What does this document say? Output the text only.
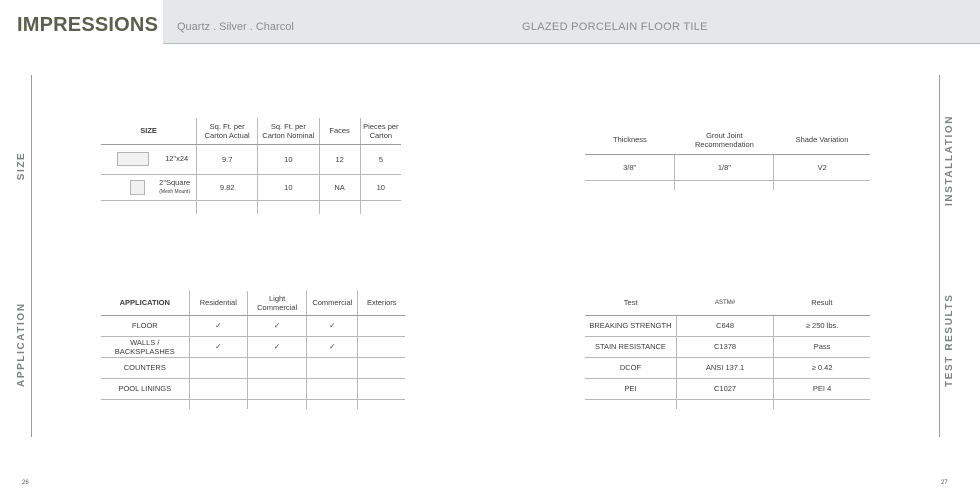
IMPRESSIONS Quartz . Silver . Charcol	GLAZED PORCELAIN FLOOR TILE
SIZE
APPLICATION
INSTALLATION
TEST RESULTS
SIZE	Sq. Ft. per Carton Actual	Sq. Ft. per Carton Nominal	Faces	Pieces per Carton
12"x24	9.7	10	12	5
2"Square
(Mesh Mount)	9.82	10	NA	10

Thickness	Grout Joint Recommendation	Shade Variation
3/8"	1/8"	V2

APPLICATION	Residential	Light Commercial	Commercial	Exteriors
FLOOR	✓	✓	✓	
WALLS / BACKSPLASHES	✓	✓	✓	
COUNTERS				
POOL LININGS				

Test	ASTM#	Result
BREAKING STRENGTH	C648	≥ 250 lbs.
STAIN RESISTANCE	C1378	Pass
DCOF	ANSI 137.1	≥ 0.42
PEI	C1027	PEI 4

26	27
